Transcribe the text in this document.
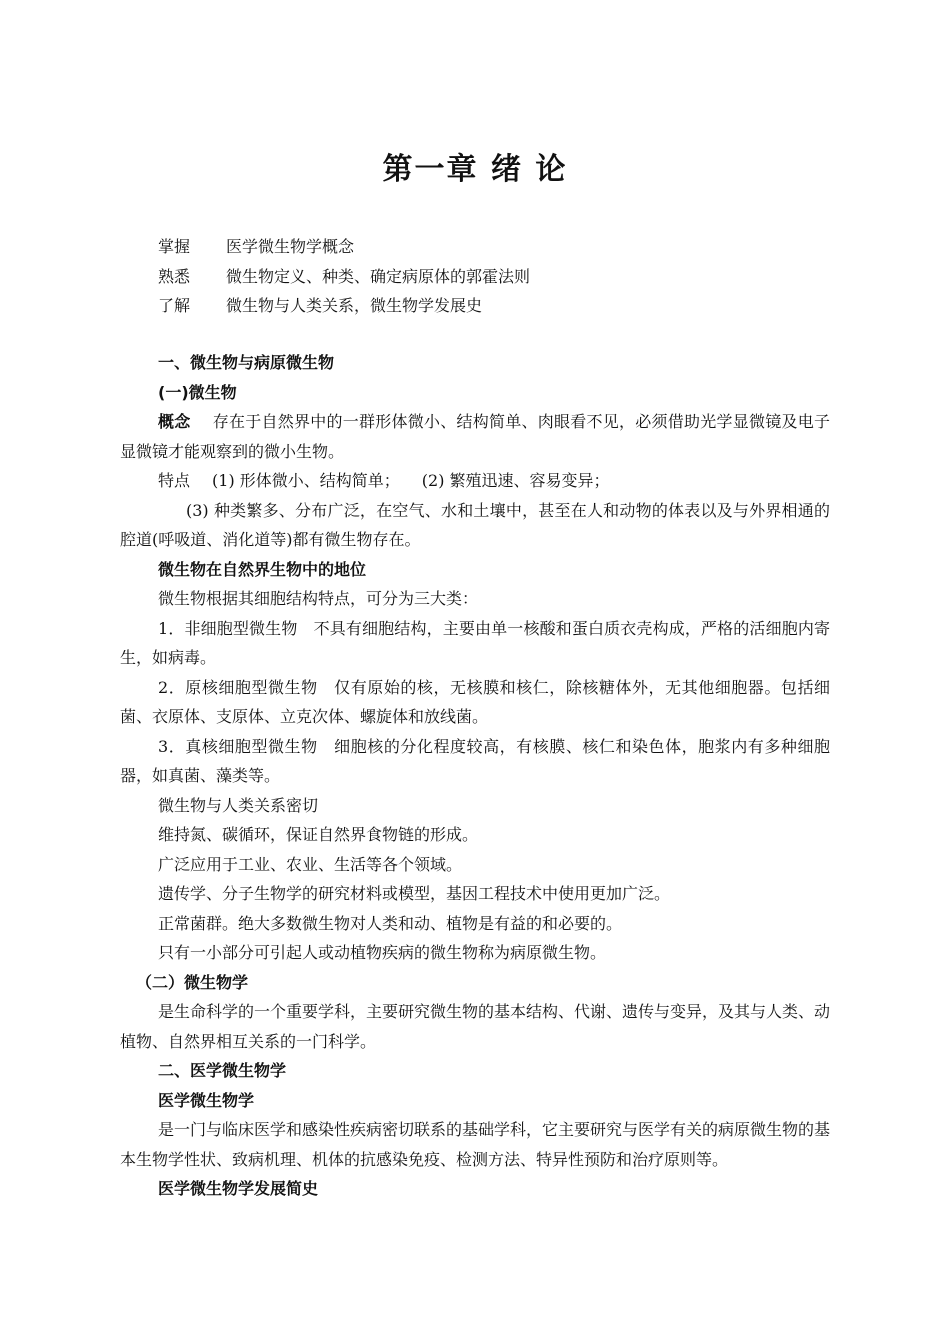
第一章 绪 论
掌握 医学微生物学概念
熟悉 微生物定义、种类、确定病原体的郭霍法则
了解 微生物与人类关系，微生物学发展史

一、微生物与病原微生物

(一)微生物

概念 存在于自然界中的一群形体微小、结构简单、肉眼看不见，必须借助光学显微镜及电子显微镜才能观察到的微小生物。

特点 (1) 形体微小、结构简单； (2) 繁殖迅速、容易变异；

(3) 种类繁多、分布广泛，在空气、水和土壤中，甚至在人和动物的体表以及与外界相通的腔道(呼吸道、消化道等)都有微生物存在。

微生物在自然界生物中的地位

微生物根据其细胞结构特点，可分为三大类：

1．非细胞型微生物　不具有细胞结构，主要由单一核酸和蛋白质衣壳构成，严格的活细胞内寄生，如病毒。

2．原核细胞型微生物　仅有原始的核，无核膜和核仁，除核糖体外，无其他细胞器。包括细菌、衣原体、支原体、立克次体、螺旋体和放线菌。

3．真核细胞型微生物　细胞核的分化程度较高，有核膜、核仁和染色体，胞浆内有多种细胞器，如真菌、藻类等。

微生物与人类关系密切

维持氮、碳循环，保证自然界食物链的形成。

广泛应用于工业、农业、生活等各个领域。

遗传学、分子生物学的研究材料或模型，基因工程技术中使用更加广泛。

正常菌群。绝大多数微生物对人类和动、植物是有益的和必要的。

只有一小部分可引起人或动植物疾病的微生物称为病原微生物。

（二）微生物学

是生命科学的一个重要学科，主要研究微生物的基本结构、代谢、遗传与变异，及其与人类、动植物、自然界相互关系的一门科学。

二、医学微生物学

医学微生物学

是一门与临床医学和感染性疾病密切联系的基础学科，它主要研究与医学有关的病原微生物的基本生物学性状、致病机理、机体的抗感染免疫、检测方法、特异性预防和治疗原则等。

医学微生物学发展简史
